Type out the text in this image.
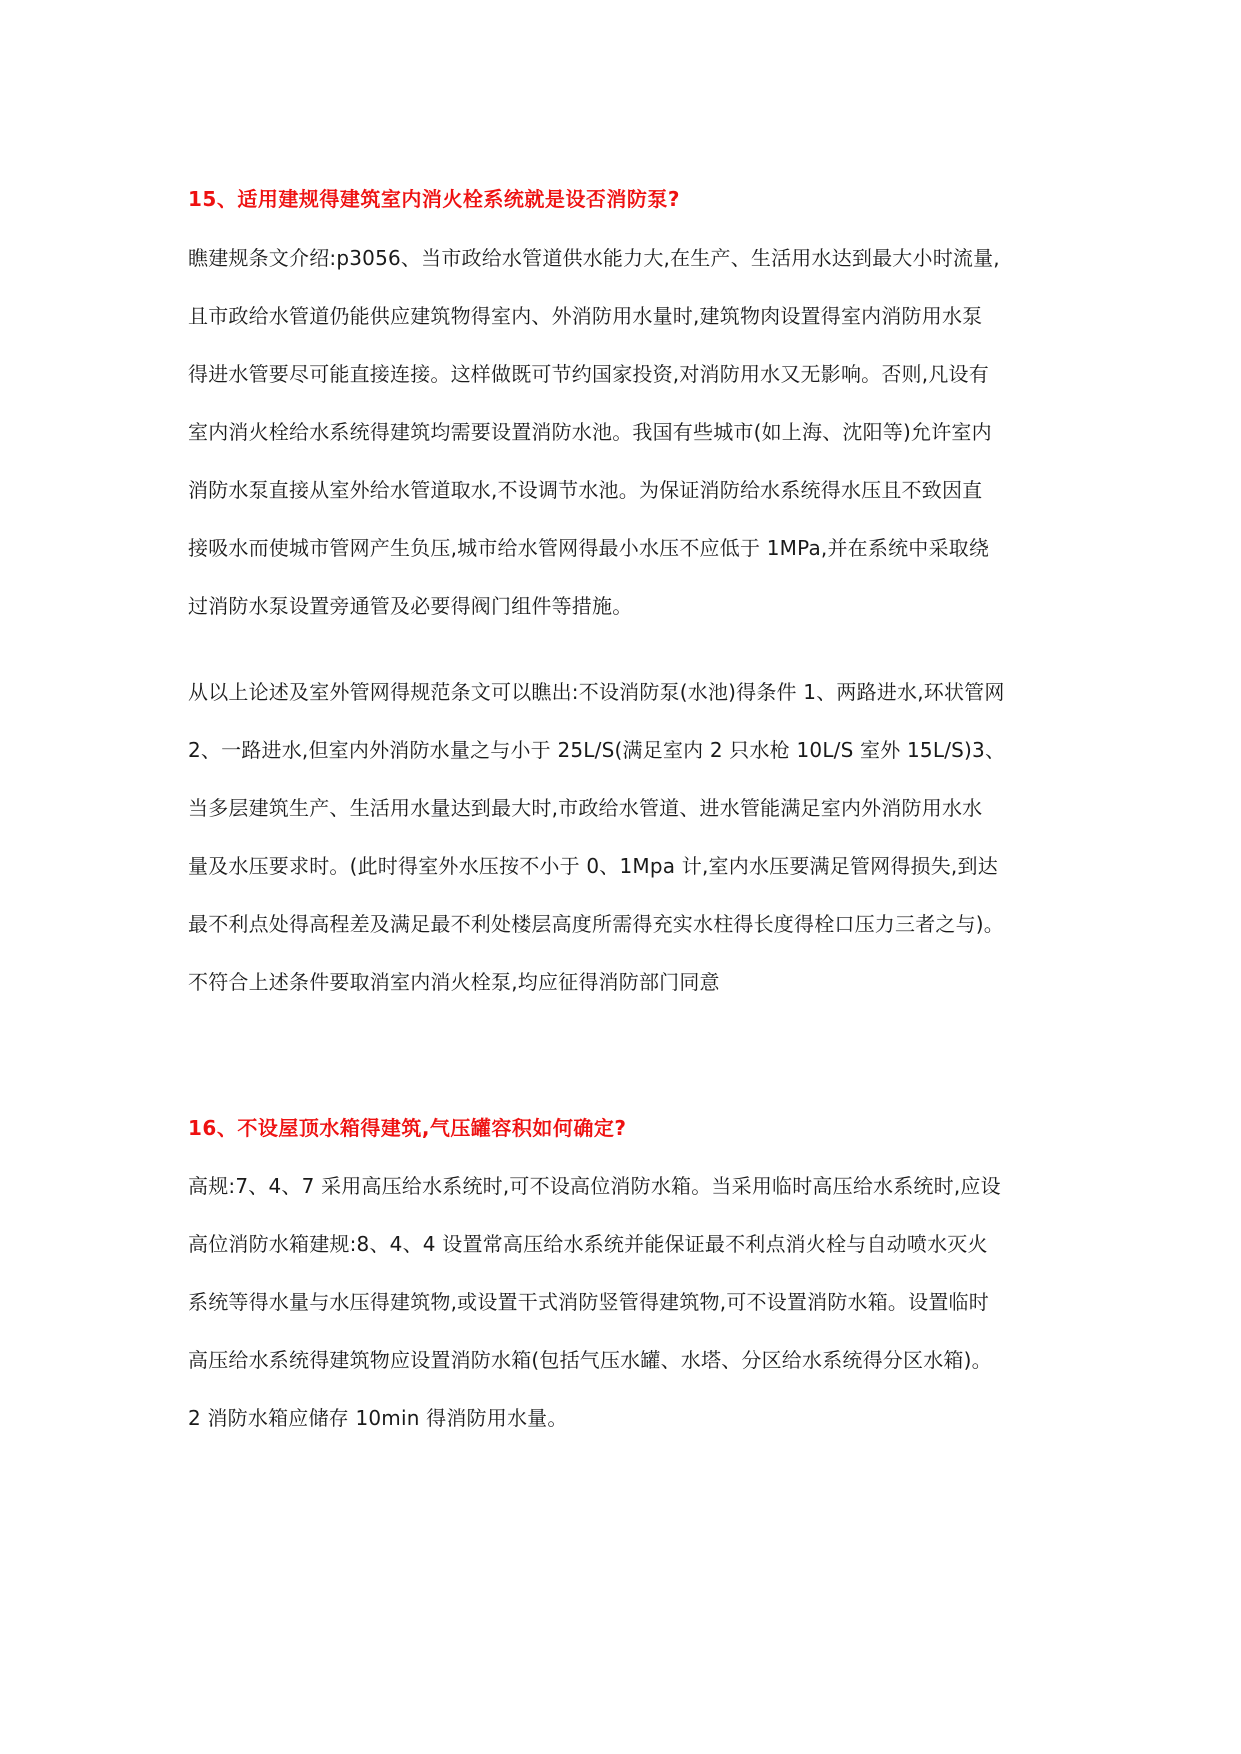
15、适用建规得建筑室内消火栓系统就是设否消防泵?
瞧建规条文介绍:p3056、当市政给水管道供水能力大,在生产、生活用水达到最大小时流量,
且市政给水管道仍能供应建筑物得室内、外消防用水量时,建筑物肉设置得室内消防用水泵
得进水管要尽可能直接连接。这样做既可节约国家投资,对消防用水又无影响。否则,凡设有
室内消火栓给水系统得建筑均需要设置消防水池。我国有些城市(如上海、沈阳等)允许室内
消防水泵直接从室外给水管道取水,不设调节水池。为保证消防给水系统得水压且不致因直
接吸水而使城市管网产生负压,城市给水管网得最小水压不应低于 1MPa,并在系统中采取绕
过消防水泵设置旁通管及必要得阀门组件等措施。
从以上论述及室外管网得规范条文可以瞧出:不设消防泵(水池)得条件 1、两路进水,环状管网
2、一路进水,但室内外消防水量之与小于 25L/S(满足室内 2 只水枪 10L/S 室外 15L/S)3、
当多层建筑生产、生活用水量达到最大时,市政给水管道、进水管能满足室内外消防用水水
量及水压要求时。(此时得室外水压按不小于 0、1Mpa 计,室内水压要满足管网得损失,到达
最不利点处得高程差及满足最不利处楼层高度所需得充实水柱得长度得栓口压力三者之与)。
不符合上述条件要取消室内消火栓泵,均应征得消防部门同意
16、不设屋顶水箱得建筑,气压罐容积如何确定?
高规:7、4、7 采用高压给水系统时,可不设高位消防水箱。当采用临时高压给水系统时,应设
高位消防水箱建规:8、4、4 设置常高压给水系统并能保证最不利点消火栓与自动喷水灭火
系统等得水量与水压得建筑物,或设置干式消防竖管得建筑物,可不设置消防水箱。设置临时
高压给水系统得建筑物应设置消防水箱(包括气压水罐、水塔、分区给水系统得分区水箱)。
2 消防水箱应储存 10min 得消防用水量。
